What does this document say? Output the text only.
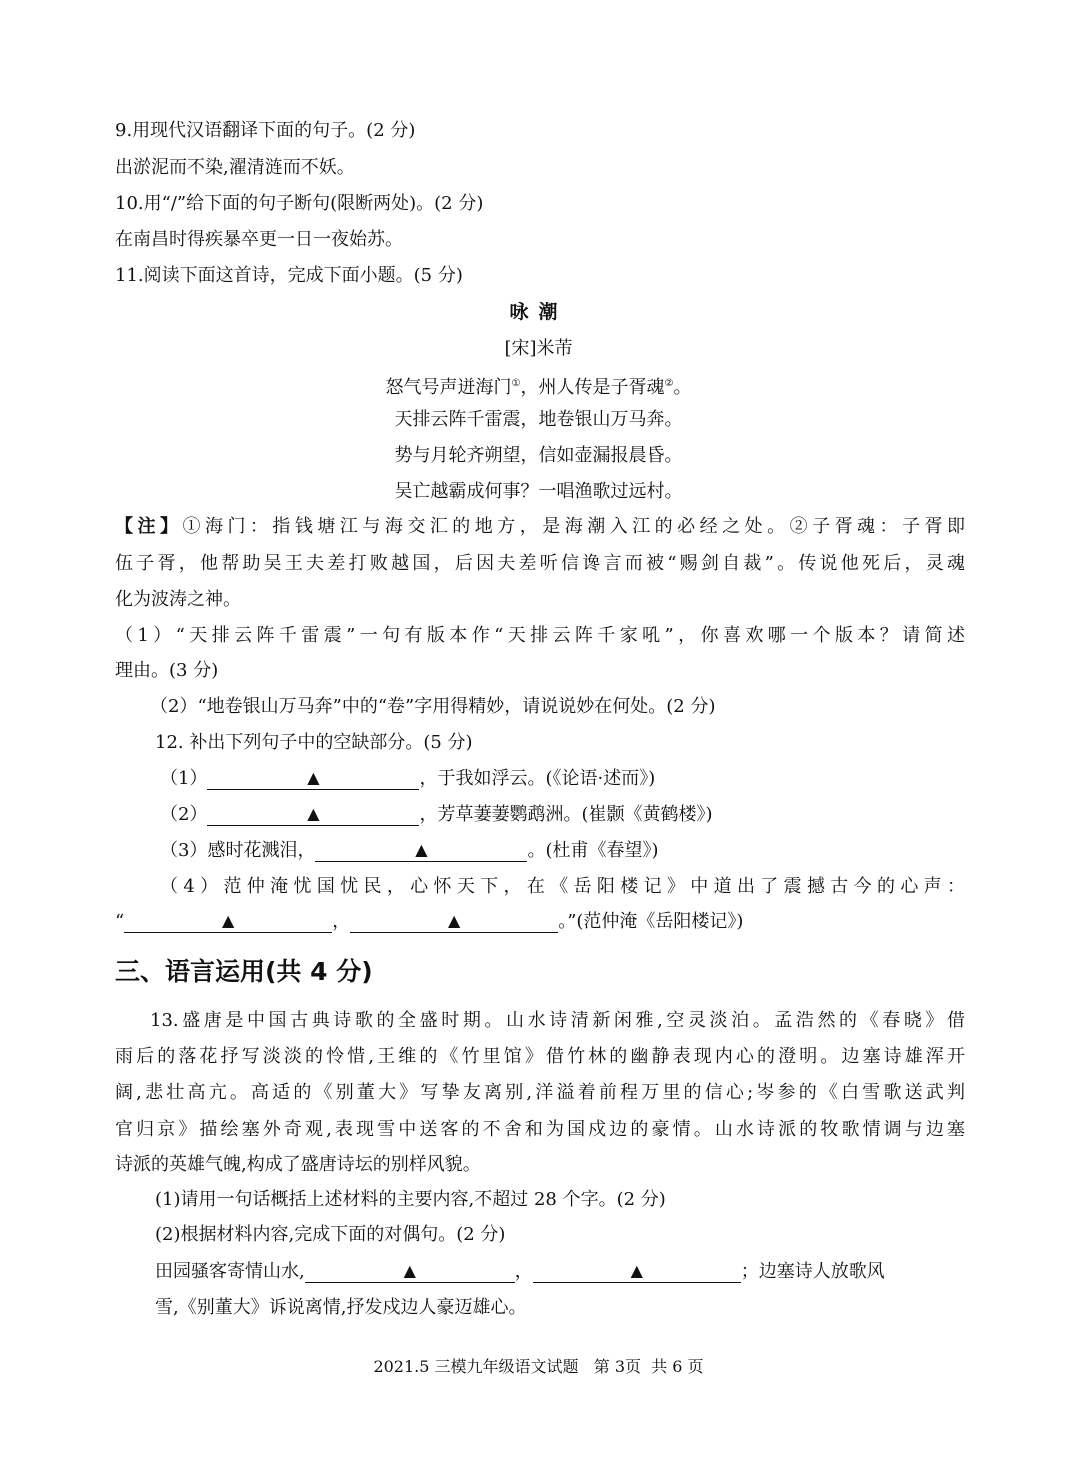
9.用现代汉语翻译下面的句子。(2 分)
出淤泥而不染,濯清涟而不妖。
10.用“/”给下面的句子断句(限断两处)。(2 分)
在南昌时得疾暴卒更一日一夜始苏。
11.阅读下面这首诗，完成下面小题。(5 分)
咏潮
[宋]米芾
怒气号声迸海门①，州人传是子胥魂②。
天排云阵千雷震，地卷银山万马奔。
势与月轮齐朔望，信如壶漏报晨昏。
吴亡越霸成何事？一唱渔歌过远村。
【注】①海门：指钱塘江与海交汇的地方，是海潮入江的必经之处。②子胥魂：子胥即
伍子胥，他帮助吴王夫差打败越国，后因夫差听信谗言而被“赐剑自裁”。传说他死后，灵魂
化为波涛之神。
（1）“天排云阵千雷震”一句有版本作“天排云阵千家吼”，你喜欢哪一个版本？请简述
理由。(3 分)
（2）“地卷银山万马奔”中的“卷”字用得精妙，请说说妙在何处。(2 分)
12. 补出下列句子中的空缺部分。(5 分)
（1）	▲	，于我如浮云。(《论语·述而》)
（2）	▲	，芳草萋萋鹦鹉洲。(崔颢《黄鹤楼》)
（3）感时花溅泪，	▲	。(杜甫《春望》)
（4）范仲淹忧国忧民，心怀天下，在《岳阳楼记》中道出了震撼古今的心声：
“	▲	，	▲	。”(范仲淹《岳阳楼记》)
三、语言运用(共 4 分)
13.盛唐是中国古典诗歌的全盛时期。山水诗清新闲雅,空灵淡泊。孟浩然的《春晓》借
雨后的落花抒写淡淡的怜惜,王维的《竹里馆》借竹林的幽静表现内心的澄明。边塞诗雄浑开
阔,悲壮高亢。高适的《别董大》写挚友离别,洋溢着前程万里的信心;岑参的《白雪歌送武判
官归京》描绘塞外奇观,表现雪中送客的不舍和为国戍边的豪情。山水诗派的牧歌情调与边塞
诗派的英雄气魄,构成了盛唐诗坛的别样风貌。
(1)请用一句话概括上述材料的主要内容,不超过 28 个字。(2 分)
(2)根据材料内容,完成下面的对偶句。(2 分)
田园骚客寄情山水,	▲	，	▲	；边塞诗人放歌风
雪,《别董大》诉说离情,抒发戍边人豪迈雄心。
2021.5 三模九年级语文试题   第 3页  共 6 页
